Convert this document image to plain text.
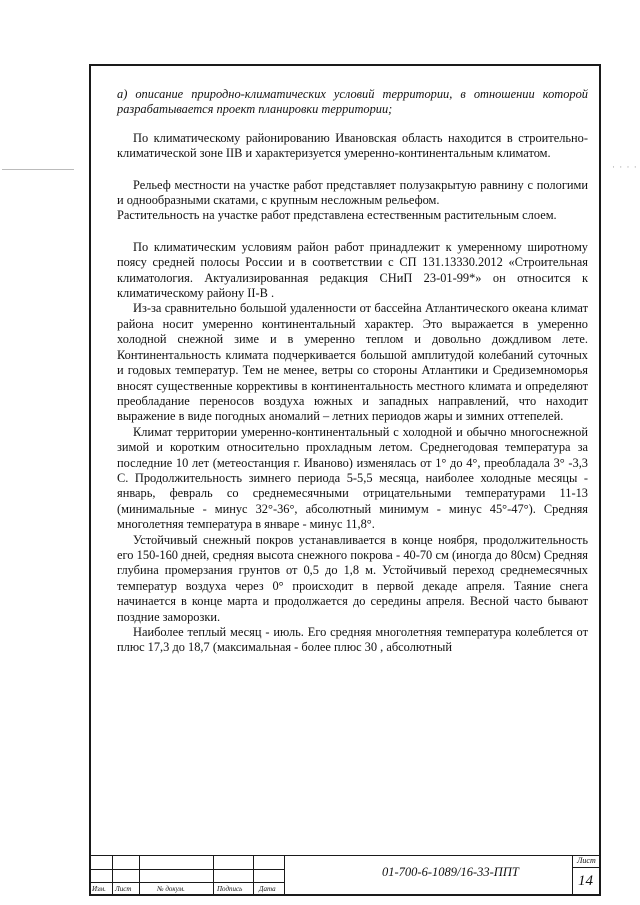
· · · ·

а) описание природно-климатических условий территории, в отношении которой разрабатывается проект планировки территории;

По климатическому районированию Ивановская область находится в строительно-климатической зоне IIВ и характеризуется умеренно-континентальным климатом.

Рельеф местности на участке работ представляет полузакрытую равнину с пологими и однообразными скатами, с крупным несложным рельефом.

Растительность на участке работ представлена естественным растительным слоем.

По климатическим условиям район работ принадлежит к умеренному широтному поясу средней полосы России и в соответствии с СП 131.13330.2012 «Строительная климатология. Актуализированная редакция СНиП 23-01-99*» он относится к климатическому району II-В .

Из-за сравнительно большой удаленности от бассейна Атлантического океана климат района носит умеренно континентальный характер. Это выражается в умеренно холодной снежной зиме и в умеренно теплом и довольно дождливом лете. Континентальность климата подчеркивается большой амплитудой колебаний суточных и годовых температур. Тем не менее, ветры со стороны Атлантики и Средиземноморья вносят существенные коррективы в континентальность местного климата и определяют преобладание переносов воздуха южных и западных направлений, что находит выражение в виде погодных аномалий – летних периодов жары и зимних оттепелей.

Климат территории умеренно-континентальный с холодной и обычно многоснежной зимой и коротким относительно прохладным летом. Среднегодовая температура за последние 10 лет (метеостанция г. Иваново) изменялась от 1° до 4°, преобладала 3° -3,3 С. Продолжительность зимнего периода 5-5,5 месяца, наиболее холодные месяцы - январь, февраль со среднемесячными отрицательными температурами 11-13 (минимальные - минус 32°-36°, абсолютный минимум - минус 45°-47°). Средняя многолетняя температура в январе - минус 11,8°.

Устойчивый снежный покров устанавливается в конце ноября, продолжительность его 150-160 дней, средняя высота снежного покрова - 40-70 см (иногда до 80см) Средняя глубина промерзания грунтов от 0,5 до 1,8 м. Устойчивый переход среднемесячных температур воздуха через 0° происходит в первой декаде апреля. Таяние снега начинается в конце марта и продолжается до середины апреля. Весной часто бывают поздние заморозки.

Наиболее теплый месяц - июль. Его средняя многолетняя температура колеблется от плюс 17,3 до 18,7 (максимальная - более плюс 30 , абсолютный

Изм. Лист	№ докум.	Подпись Дата
01-700-6-1089/16-33-ППТ
Лист
14
